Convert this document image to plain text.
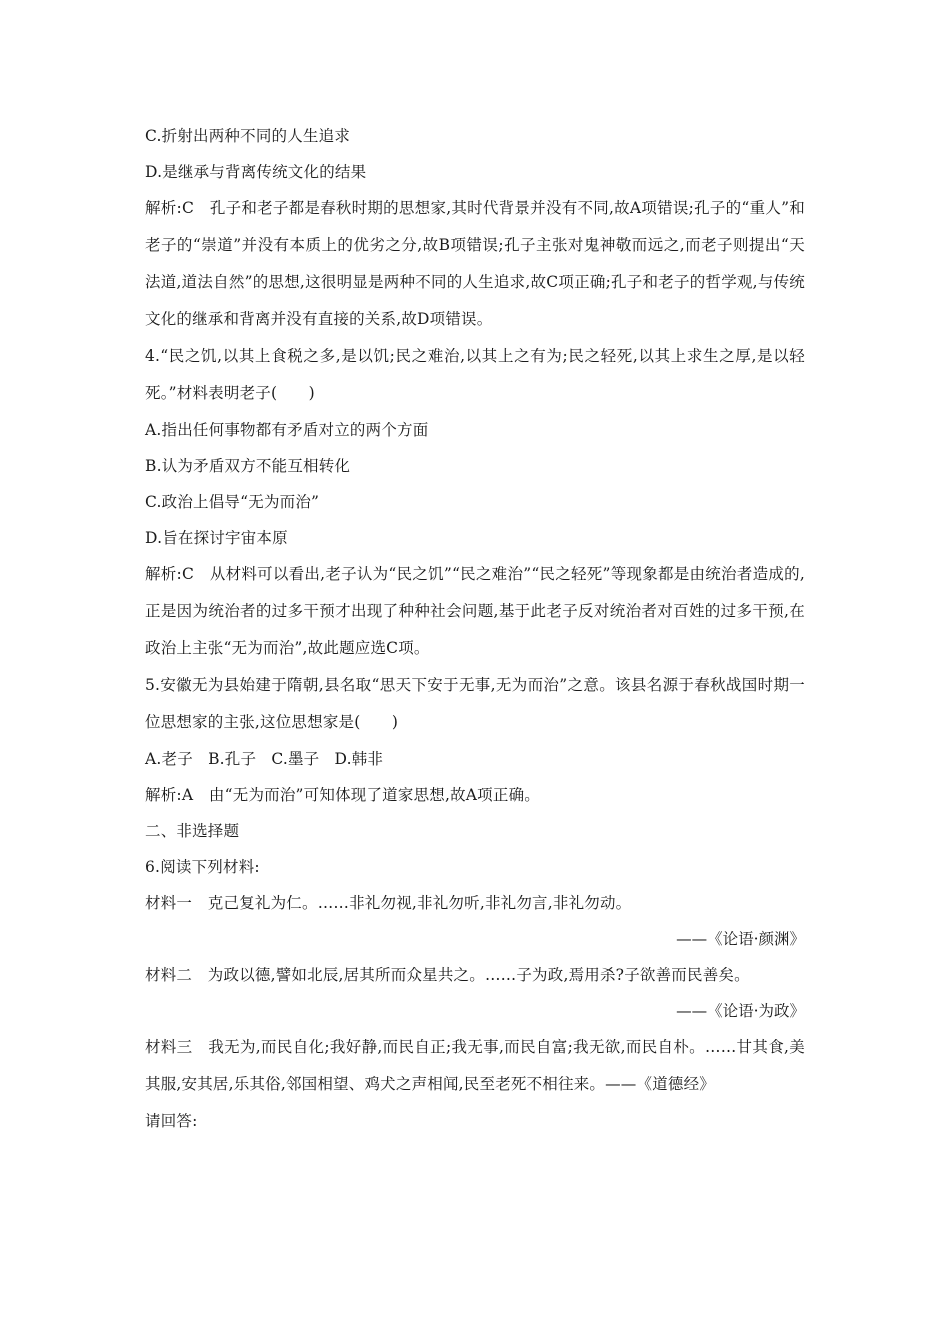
C.折射出两种不同的人生追求
D.是继承与背离传统文化的结果
解析:C　孔子和老子都是春秋时期的思想家,其时代背景并没有不同,故A项错误;孔子的“重人”和老子的“崇道”并没有本质上的优劣之分,故B项错误;孔子主张对鬼神敬而远之,而老子则提出“天法道,道法自然”的思想,这很明显是两种不同的人生追求,故C项正确;孔子和老子的哲学观,与传统文化的继承和背离并没有直接的关系,故D项错误。
4.“民之饥,以其上食税之多,是以饥;民之难治,以其上之有为;民之轻死,以其上求生之厚,是以轻死。”材料表明老子(　　)
A.指出任何事物都有矛盾对立的两个方面
B.认为矛盾双方不能互相转化
C.政治上倡导“无为而治”
D.旨在探讨宇宙本原
解析:C　从材料可以看出,老子认为“民之饥”“民之难治”“民之轻死”等现象都是由统治者造成的,正是因为统治者的过多干预才出现了种种社会问题,基于此老子反对统治者对百姓的过多干预,在政治上主张“无为而治”,故此题应选C项。
5.安徽无为县始建于隋朝,县名取“思天下安于无事,无为而治”之意。该县名源于春秋战国时期一位思想家的主张,这位思想家是(　　)
A.老子 B.孔子 C.墨子 D.韩非
解析:A　由“无为而治”可知体现了道家思想,故A项正确。
二、非选择题
6.阅读下列材料:
材料一　克己复礼为仁。……非礼勿视,非礼勿听,非礼勿言,非礼勿动。
——《论语·颜渊》
材料二　为政以德,譬如北辰,居其所而众星共之。……子为政,焉用杀?子欲善而民善矣。
——《论语·为政》
材料三　我无为,而民自化;我好静,而民自正;我无事,而民自富;我无欲,而民自朴。……甘其食,美其服,安其居,乐其俗,邻国相望、鸡犬之声相闻,民至老死不相往来。——《道德经》
请回答:
